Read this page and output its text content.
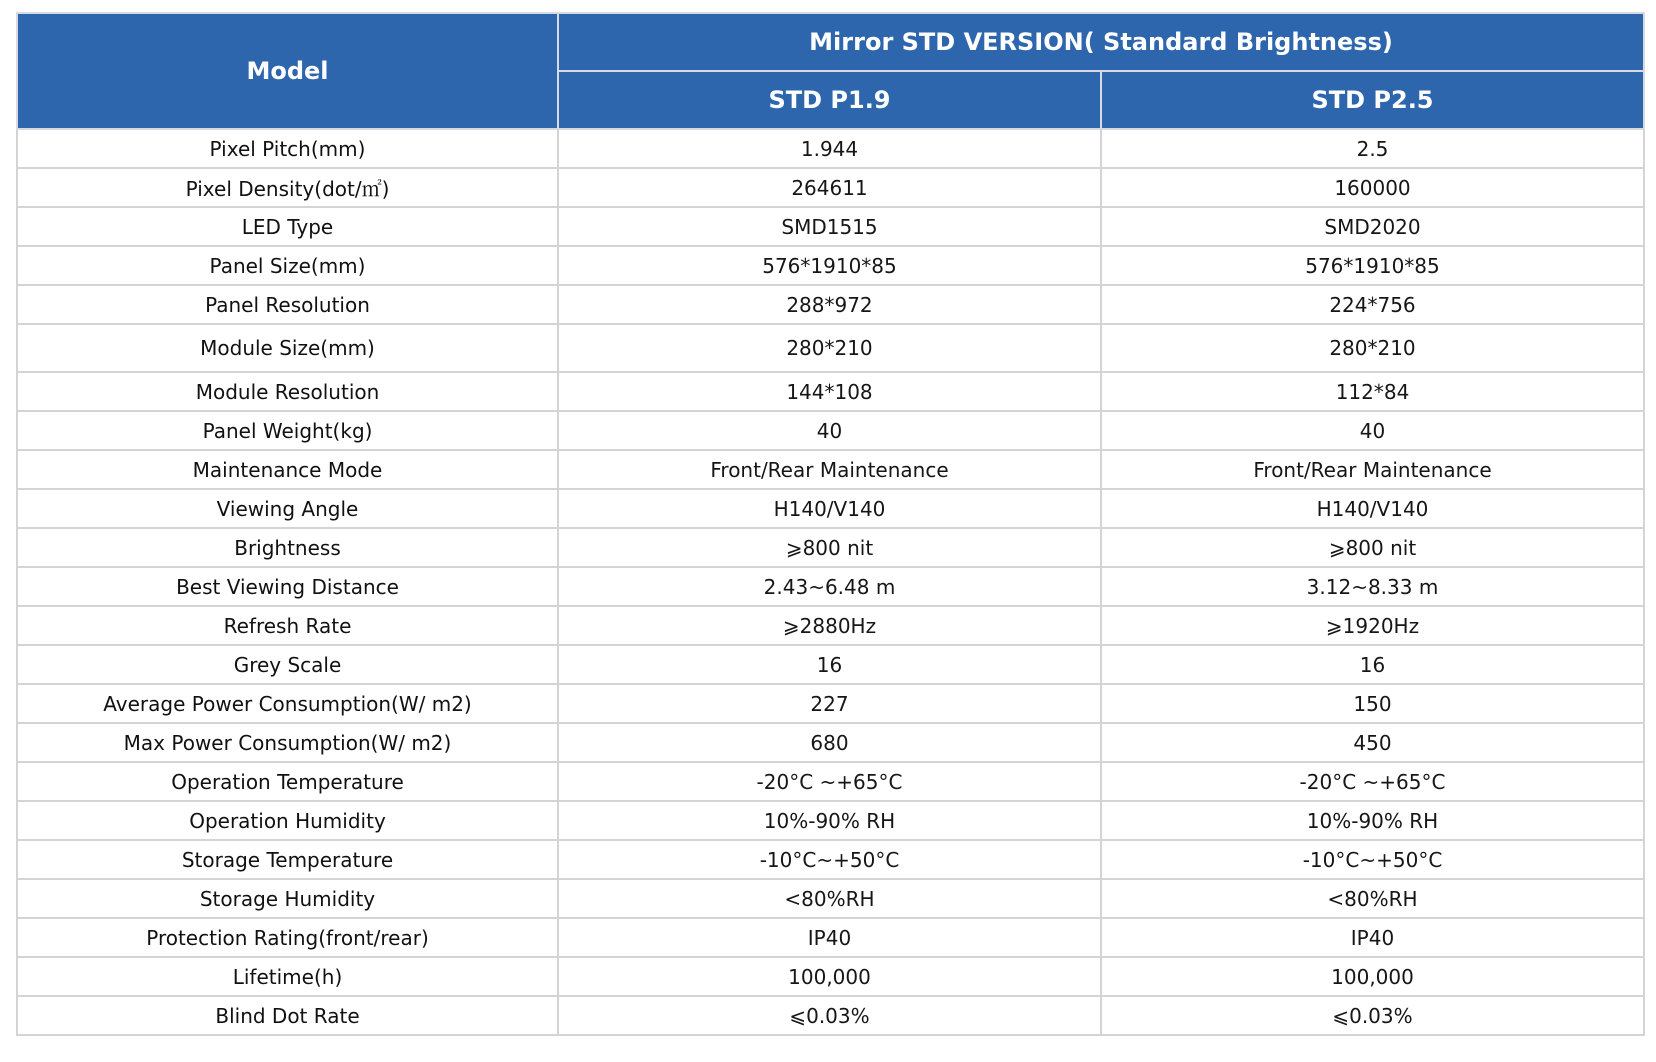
Model	Mirror STD VERSION( Standard Brightness)	
	STD P1.9	STD P2.5
Pixel Pitch(mm)	1.944	2.5
Pixel Density(dot/㎡)	264611	160000
LED Type	SMD1515	SMD2020
Panel Size(mm)	576*1910*85	576*1910*85
Panel Resolution	288*972	224*756
Module Size(mm)	280*210	280*210
Module Resolution	144*108	112*84
Panel Weight(kg)	40	40
Maintenance Mode	Front/Rear Maintenance	Front/Rear Maintenance
Viewing Angle	H140/V140	H140/V140
Brightness	⩾800 nit	⩾800 nit
Best Viewing Distance	2.43~6.48 m	3.12~8.33 m
Refresh Rate	⩾2880Hz	⩾1920Hz
Grey Scale	16	16
Average Power Consumption(W/ m2)	227	150
Max Power Consumption(W/ m2)	680	450
Operation Temperature	-20°C ~+65°C	-20°C ~+65°C
Operation Humidity	10%-90% RH	10%-90% RH
Storage Temperature	-10°C~+50°C	-10°C~+50°C
Storage Humidity	<80%RH	<80%RH
Protection Rating(front/rear)	IP40	IP40
Lifetime(h)	100,000	100,000
Blind Dot Rate	⩽0.03%	⩽0.03%
